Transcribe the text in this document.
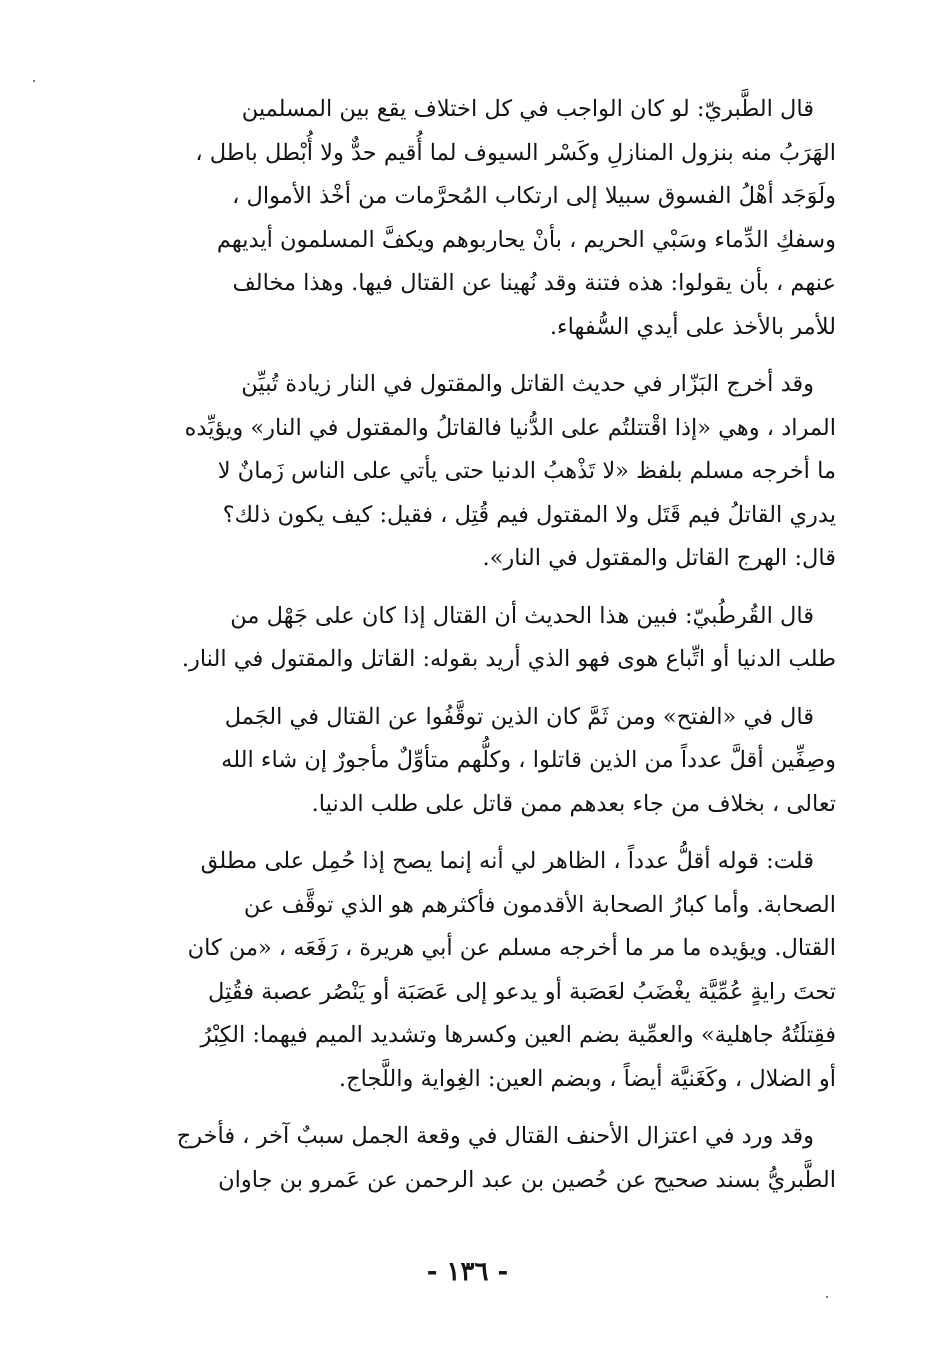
قال الطَّبريّ: لو كان الواجب في كل اختلاف يقع بين المسلمين
الهَرَبُ منه بنزول المنازلِ وكَسْر السيوف لما أُقيم حدٌّ ولا أُبْطل باطل ،
ولَوَجَد أهْلُ الفسوق سبيلا إلى ارتكاب المُحرَّمات من أخْذ الأموال ،
وسفكِ الدِّماء وسَبْي الحريم ، بأنْ يحاربوهم ويكفَّ المسلمون أيديهم
عنهم ، بأن يقولوا: هذه فتنة وقد نُهينا عن القتال فيها. وهذا مخالف
للأمر بالأخذ على أيدي السُّفهاء.

وقد أخرج البَزّار في حديث القاتل والمقتول في النار زيادة تُبيِّن
المراد ، وهي «إذا اقْتتلتُم على الدُّنيا فالقاتلُ والمقتول في النار» ويؤيِّده
ما أخرجه مسلم بلفظ «لا تَذْهبُ الدنيا حتى يأتي على الناس زَمانٌ لا
يدري القاتلُ فيم قَتَل ولا المقتول فيم قُتِل ، فقيل: كيف يكون ذلك؟
قال: الهرج القاتل والمقتول في النار».

قال القُرطُبيّ: فبين هذا الحديث أن القتال إذا كان على جَهْل من
طلب الدنيا أو اتِّباع هوى فهو الذي أريد بقوله: القاتل والمقتول في النار.

قال في «الفتح» ومن ثَمَّ كان الذين توقَّفُوا عن القتال في الجَمل
وصِفِّين أقلَّ عدداً من الذين قاتلوا ، وكلُّهم متأوِّلٌ مأجورٌ إن شاء الله
تعالى ، بخلاف من جاء بعدهم ممن قاتل على طلب الدنيا.

قلت: قوله أقلُّ عدداً ، الظاهر لي أنه إنما يصح إذا حُمِل على مطلق
الصحابة. وأما كبارُ الصحابة الأقدمون فأكثرهم هو الذي توقَّف عن
القتال. ويؤيده ما مر ما أخرجه مسلم عن أبي هريرة ، رَفَعَه ، «من كان
تحتَ رايةٍ عُمِّيَّة يغْضَبُ لعَصَبة أو يدعو إلى عَصَبَة أو يَنْصُر عصبة فقُتِل
فقِتلَتُهُ جاهلية» والعمِّية بضم العين وكسرها وتشديد الميم فيهما: الكِبْرُ
أو الضلال ، وكَغَنيَّة أيضاً ، وبضم العين: الغِواية واللَّجاج.

وقد ورد في اعتزال الأحنف القتال في وقعة الجمل سببٌ آخر ، فأخرج
الطَّبريُّ بسند صحيح عن حُصين بن عبد الرحمن عن عَمرو بن جاوان

- ١٣٦ -
